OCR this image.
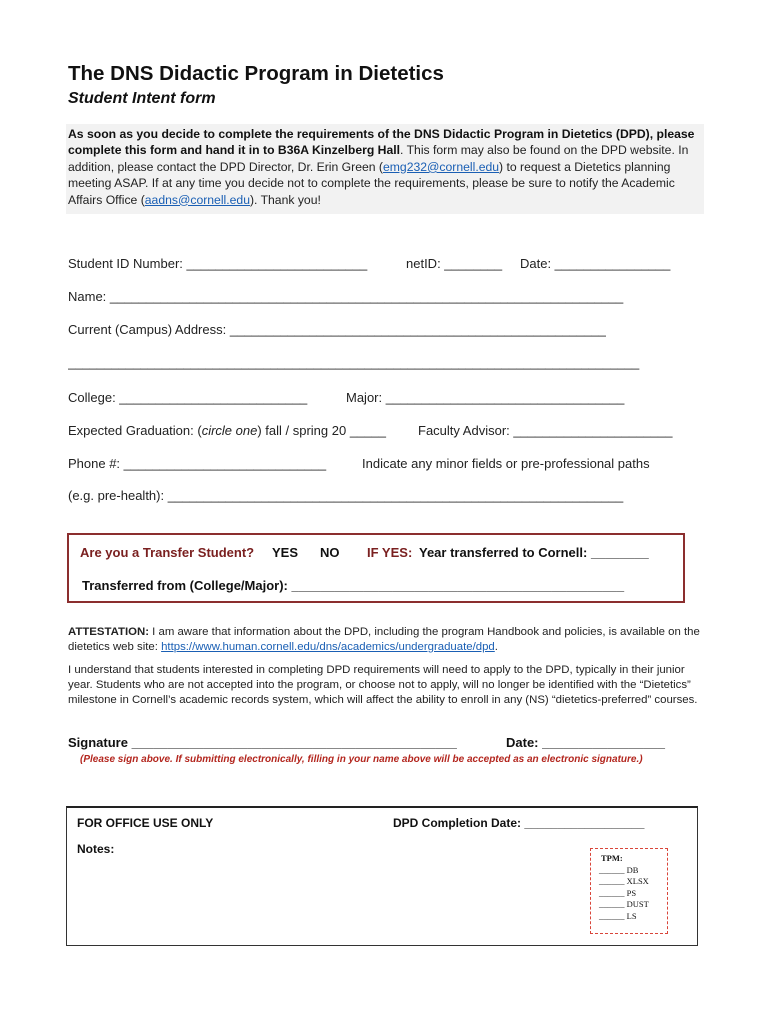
The DNS Didactic Program in Dietetics
Student Intent form
As soon as you decide to complete the requirements of the DNS Didactic Program in Dietetics (DPD), please complete this form and hand it in to B36A Kinzelberg Hall. This form may also be found on the DPD website. In addition, please contact the DPD Director, Dr. Erin Green (emg232@cornell.edu) to request a Dietetics planning meeting ASAP. If at any time you decide not to complete the requirements, please be sure to notify the Academic Affairs Office (aadns@cornell.edu). Thank you!
Student ID Number: _________________________	netID: ________ Date: ________________
Name: _______________________________________________________________________
Current (Campus) Address: ____________________________________________________
_______________________________________________________________________________
College: __________________________	Major: _________________________________
Expected Graduation: (circle one) fall / spring 20 _____ Faculty Advisor: ______________________
Phone #: ____________________________	Indicate any minor fields or pre-professional paths
(e.g. pre-health): _______________________________________________________________
Are you a Transfer Student? YES NO IF YES: Year transferred to Cornell: ________
Transferred from (College/Major): ______________________________________________
ATTESTATION: I am aware that information about the DPD, including the program Handbook and policies, is available on the dietetics web site: https://www.human.cornell.edu/dns/academics/undergraduate/dpd.
I understand that students interested in completing DPD requirements will need to apply to the DPD, typically in their junior year. Students who are not accepted into the program, or choose not to apply, will no longer be identified with the “Dietetics” milestone in Cornell’s academic records system, which will affect the ability to enroll in any (NS) “dietetics-preferred” courses.
Signature _____________________________________________	Date: _________________
(Please sign above. If submitting electronically, filling in your name above will be accepted as an electronic signature.)
FOR OFFICE USE ONLY	DPD Completion Date: __________________
Notes:
TPM:
______ DB
______ XLSX
______ PS
______ DUST
______ LS
